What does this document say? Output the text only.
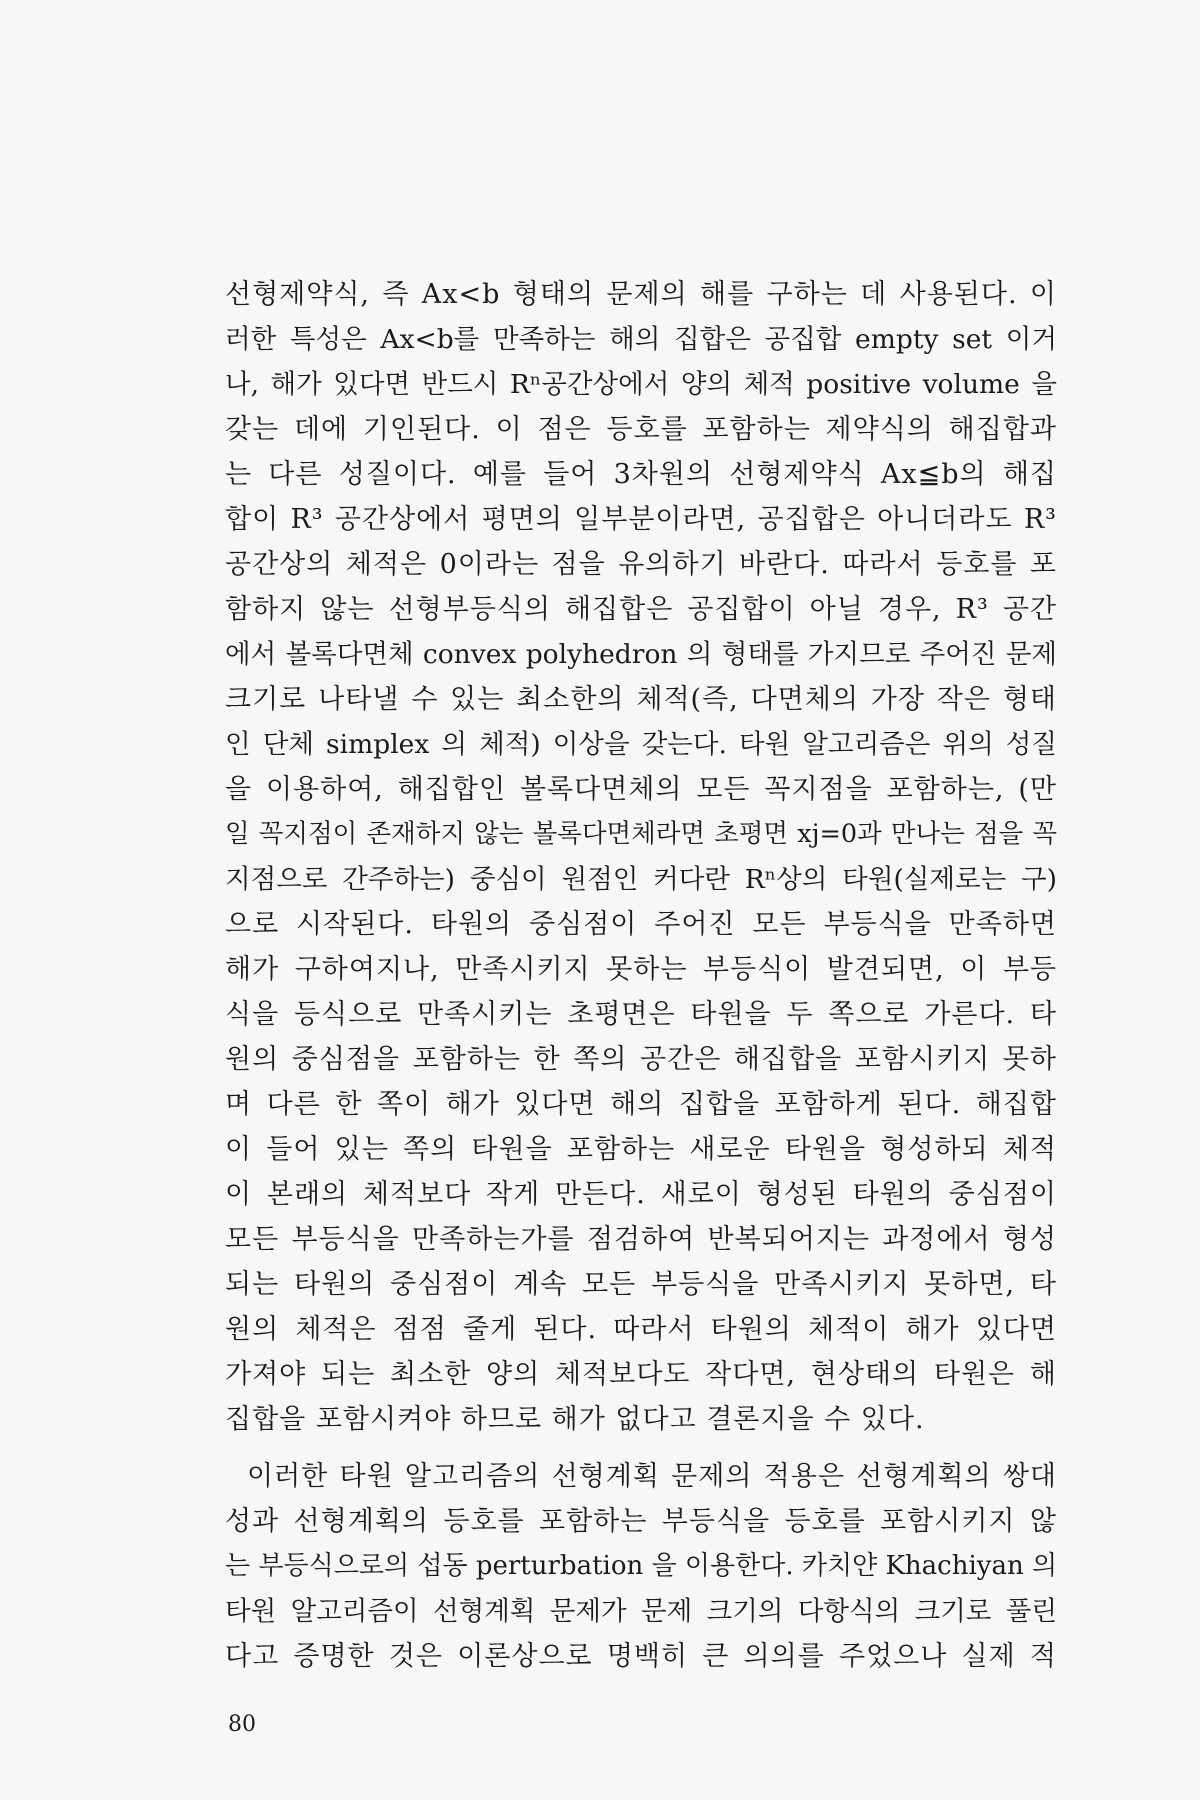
선형제약식, 즉 Ax<b 형태의 문제의 해를 구하는 데 사용된다. 이
러한 특성은 Ax<b를 만족하는 해의 집합은 공집합 empty set 이거
나, 해가 있다면 반드시 Rⁿ공간상에서 양의 체적 positive volume 을
갖는 데에 기인된다. 이 점은 등호를 포함하는 제약식의 해집합과
는 다른 성질이다. 예를 들어 3차원의 선형제약식 Ax≦b의 해집
합이 R³ 공간상에서 평면의 일부분이라면, 공집합은 아니더라도 R³
공간상의 체적은 0이라는 점을 유의하기 바란다. 따라서 등호를 포
함하지 않는 선형부등식의 해집합은 공집합이 아닐 경우, R³ 공간
에서 볼록다면체 convex polyhedron 의 형태를 가지므로 주어진 문제
크기로 나타낼 수 있는 최소한의 체적(즉, 다면체의 가장 작은 형태
인 단체 simplex 의 체적) 이상을 갖는다. 타원 알고리즘은 위의 성질
을 이용하여, 해집합인 볼록다면체의 모든 꼭지점을 포함하는, (만
일 꼭지점이 존재하지 않는 볼록다면체라면 초평면 xj=0과 만나는 점을 꼭
지점으로 간주하는) 중심이 원점인 커다란 Rⁿ상의 타원(실제로는 구)
으로 시작된다. 타원의 중심점이 주어진 모든 부등식을 만족하면
해가 구하여지나, 만족시키지 못하는 부등식이 발견되면, 이 부등
식을 등식으로 만족시키는 초평면은 타원을 두 쪽으로 가른다. 타
원의 중심점을 포함하는 한 쪽의 공간은 해집합을 포함시키지 못하
며 다른 한 쪽이 해가 있다면 해의 집합을 포함하게 된다. 해집합
이 들어 있는 쪽의 타원을 포함하는 새로운 타원을 형성하되 체적
이 본래의 체적보다 작게 만든다. 새로이 형성된 타원의 중심점이
모든 부등식을 만족하는가를 점검하여 반복되어지는 과정에서 형성
되는 타원의 중심점이 계속 모든 부등식을 만족시키지 못하면, 타
원의 체적은 점점 줄게 된다. 따라서 타원의 체적이 해가 있다면
가져야 되는 최소한 양의 체적보다도 작다면, 현상태의 타원은 해
집합을 포함시켜야 하므로 해가 없다고 결론지을 수 있다.
이러한 타원 알고리즘의 선형계획 문제의 적용은 선형계획의 쌍대
성과 선형계획의 등호를 포함하는 부등식을 등호를 포함시키지 않
는 부등식으로의 섭동 perturbation 을 이용한다. 카치얀 Khachiyan 의
타원 알고리즘이 선형계획 문제가 문제 크기의 다항식의 크기로 풀린
다고 증명한 것은 이론상으로 명백히 큰 의의를 주었으나 실제 적
80
